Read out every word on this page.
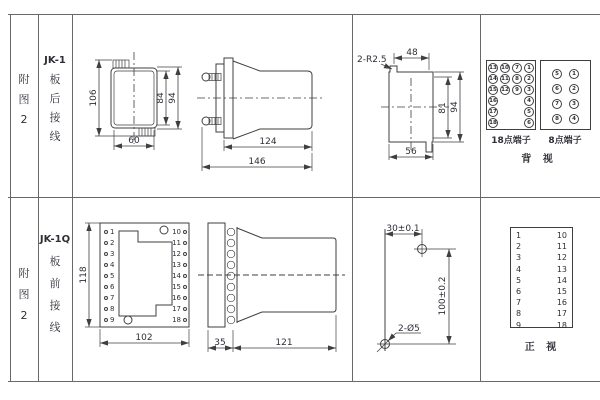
附
图
2
JK-1
板
后
接
线
附
图
2
JK-1Q
板
前
接
线
106	84 94
60	124
146
2-R2.5
48
81 94
56
118
102	35	121
30±0.1
100±0.2
2-Ø5
1
2
3
4
5
6
7
8
9
10
11
12
13
14
15
16
17
18
13
14
15
16
17
18
10
11
12
7
8
9
1
2
3
4
5
6
18点端子
5
6
7
8
1
2
3
4
8点端子
背 视
1
2
3
4
5
6
7
8
9
10
11
12
13
14
15
16
17
18
正 视
